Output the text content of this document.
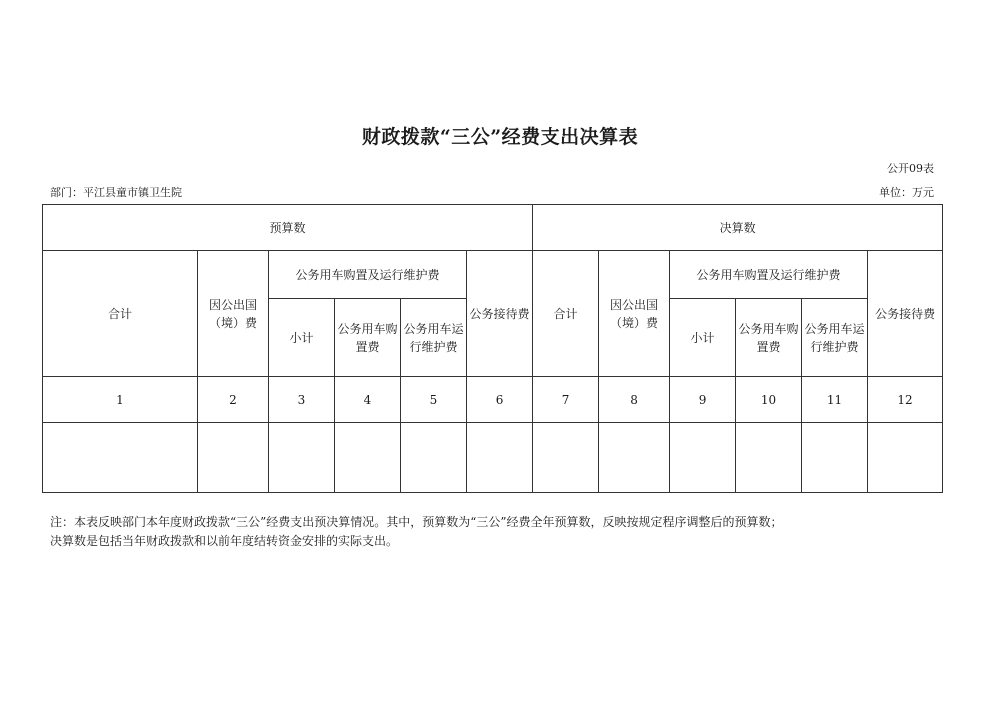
财政拨款“三公”经费支出决算表
公开09表
部门：平江县童市镇卫生院	单位：万元
预算数						决算数					
合计	因公出国（境）费	公务用车购置及运行维护费			公务接待费	合计	因公出国（境）费	公务用车购置及运行维护费			公务接待费
		小计	公务用车购置费	公务用车运行维护费				小计	公务用车购置费	公务用车运行维护费	
1	2	3	4	5	6	7	8	9	10	11	12

注：本表反映部门本年度财政拨款“三公”经费支出预决算情况。其中，预算数为“三公”经费全年预算数，反映按规定程序调整后的预算数；
决算数是包括当年财政拨款和以前年度结转资金安排的实际支出。
